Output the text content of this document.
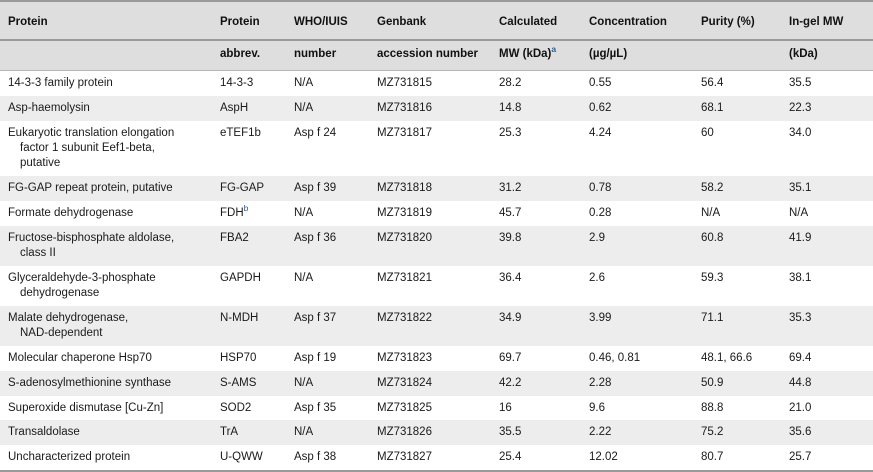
Protein	Protein	WHO/IUIS	Genbank	Calculated	Concentration	Purity (%)	In-gel MW
	abbrev.	number	accession number	MW (kDa)$^a$	(µg/µL)		(kDa)

14-3-3 family protein	14-3-3	N/A	MZ731815	28.2	0.55	56.4	35.5

Asp-haemolysin	AspH	N/A	MZ731816	14.8	0.62	68.1	22.3

Eukaryotic translation elongation
factor 1 subunit Eef1-beta,
putative	eTEF1b	Asp f 24	MZ731817	25.3	4.24	60	34.0

FG-GAP repeat protein, putative	FG-GAP	Asp f 39	MZ731818	31.2	0.78	58.2	35.1

Formate dehydrogenase	FDH$^b$	N/A	MZ731819	45.7	0.28	N/A	N/A

Fructose-bisphosphate aldolase,
class II	FBA2	Asp f 36	MZ731820	39.8	2.9	60.8	41.9

Glyceraldehyde-3-phosphate
dehydrogenase	GAPDH	N/A	MZ731821	36.4	2.6	59.3	38.1

Malate dehydrogenase,
NAD-dependent	N-MDH	Asp f 37	MZ731822	34.9	3.99	71.1	35.3

Molecular chaperone Hsp70	HSP70	Asp f 19	MZ731823	69.7	0.46, 0.81	48.1, 66.6	69.4

S-adenosylmethionine synthase	S-AMS	N/A	MZ731824	42.2	2.28	50.9	44.8

Superoxide dismutase [Cu-Zn]	SOD2	Asp f 35	MZ731825	16	9.6	88.8	21.0

Transaldolase	TrA	N/A	MZ731826	35.5	2.22	75.2	35.6

Uncharacterized protein	U-QWW	Asp f 38	MZ731827	25.4	12.02	80.7	25.7
